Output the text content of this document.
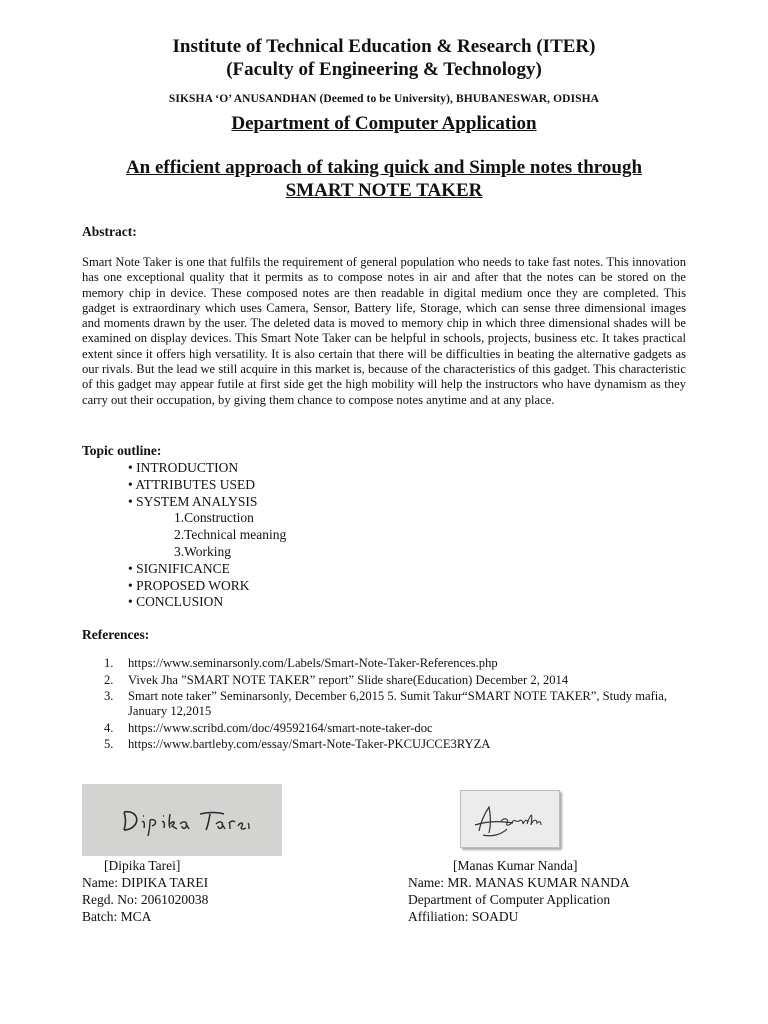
Institute of Technical Education & Research (ITER)
(Faculty of Engineering & Technology)
SIKSHA ‘O’ ANUSANDHAN (Deemed to be University), BHUBANESWAR, ODISHA
Department of Computer Application
An efficient approach of taking quick and Simple notes through
SMART NOTE TAKER
Abstract:
Smart Note Taker is one that fulfils the requirement of general population who needs to take fast notes. This innovation has one exceptional quality that it permits as to compose notes in air and after that the notes can be stored on the memory chip in device. These composed notes are then readable in digital medium once they are completed. This gadget is extraordinary which uses Camera, Sensor, Battery life, Storage, which can sense three dimensional images and moments drawn by the user. The deleted data is moved to memory chip in which three dimensional shades will be examined on display devices. This Smart Note Taker can be helpful in schools, projects, business etc. It takes practical extent since it offers high versatility. It is also certain that there will be difficulties in beating the alternative gadgets as our rivals. But the lead we still acquire in this market is, because of the characteristics of this gadget. This characteristic of this gadget may appear futile at first side get the high mobility will help the instructors who have dynamism as they carry out their occupation, by giving them chance to compose notes anytime and at any place.
Topic outline:
• INTRODUCTION
• ATTRIBUTES USED
• SYSTEM ANALYSIS
1.Construction
2.Technical meaning
3.Working
• SIGNIFICANCE
• PROPOSED WORK
• CONCLUSION
References:
1. https://www.seminarsonly.com/Labels/Smart-Note-Taker-References.php
2. Vivek Jha ”SMART NOTE TAKER” report” Slide share(Education) December 2, 2014
3. Smart note taker” Seminarsonly, December 6,2015 5. Sumit Takur“SMART NOTE TAKER”, Study mafia, January 12,2015
4. https://www.scribd.com/doc/49592164/smart-note-taker-doc
5. https://www.bartleby.com/essay/Smart-Note-Taker-PKCUJCCE3RYZA
[Dipika Tarei]
Name: DIPIKA TAREI
Regd. No: 2061020038
Batch: MCA
[Manas Kumar Nanda]
Name: MR. MANAS KUMAR NANDA
Department of Computer Application
Affiliation: SOADU
